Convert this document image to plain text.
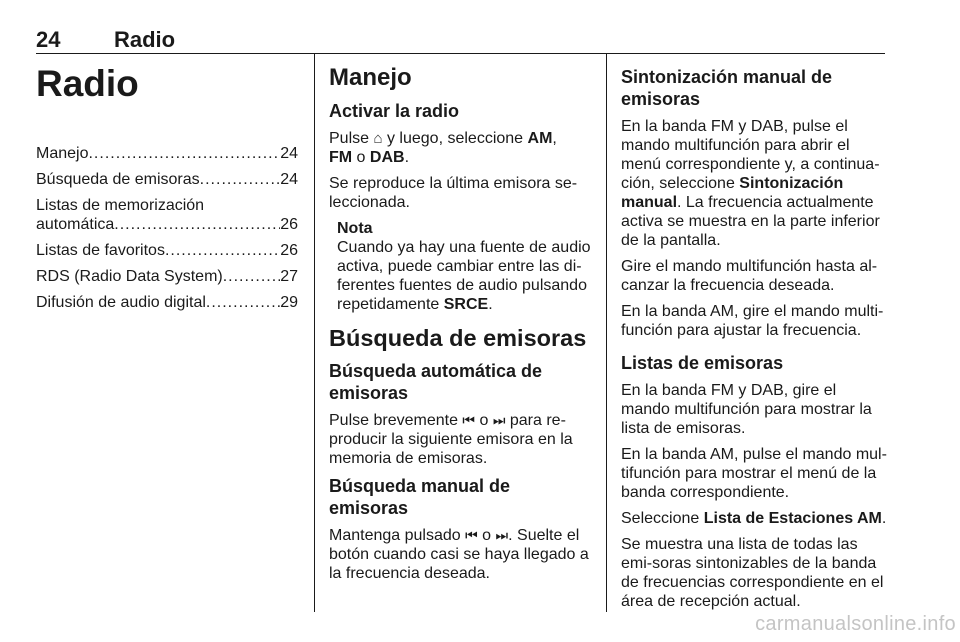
24 Radio
Radio
Manejo .....	24
Búsqueda de emisoras .....	24
Listas de memorización
automática .....	26
Listas de favoritos .....	26
RDS (Radio Data System) .....	27
Difusión de audio digital .....	29
Manejo
Activar la radio

Pulse ⌂ y luego, seleccione AM,
FM o DAB.

Se reproduce la última emisora se-leccionada.

Nota
Cuando ya hay una fuente de audio activa, puede cambiar entre las di-ferentes fuentes de audio pulsando repetidamente SRCE.
Búsqueda de emisoras
Búsqueda automática de emisoras

Pulse brevemente ⏮ o ⏭ para re-producir la siguiente emisora en la memoria de emisoras.

Búsqueda manual de emisoras

Mantenga pulsado ⏮ o ⏭. Suelte el botón cuando casi se haya llegado a la frecuencia deseada.

Sintonización manual de emisoras

En la banda FM y DAB, pulse el mando multifunción para abrir el menú correspondiente y, a continua-ción, seleccione Sintonización manual. La frecuencia actualmente activa se muestra en la parte inferior de la pantalla.

Gire el mando multifunción hasta al-canzar la frecuencia deseada.

En la banda AM, gire el mando multi-función para ajustar la frecuencia.

Listas de emisoras

En la banda FM y DAB, gire el mando multifunción para mostrar la lista de emisoras.

En la banda AM, pulse el mando mul-tifunción para mostrar el menú de la banda correspondiente.

Seleccione Lista de Estaciones AM.

Se muestra una lista de todas las emi-soras sintonizables de la banda de frecuencias correspondiente en el área de recepción actual.

carmanualsonline.info
